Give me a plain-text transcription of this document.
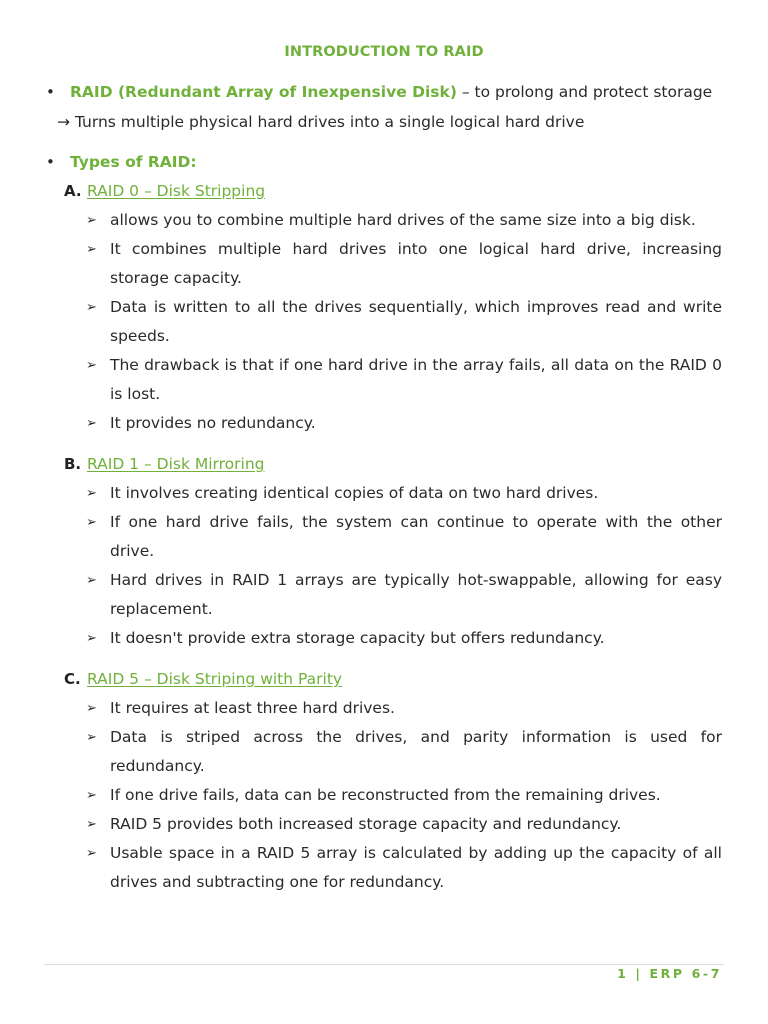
INTRODUCTION TO RAID
• RAID (Redundant Array of Inexpensive Disk) – to prolong and protect storage
→ Turns multiple physical hard drives into a single logical hard drive
• Types of RAID:
A. RAID 0 – Disk Stripping
➢ allows you to combine multiple hard drives of the same size into a big disk.
➢ It combines multiple hard drives into one logical hard drive, increasing storage capacity.
➢ Data is written to all the drives sequentially, which improves read and write speeds.
➢ The drawback is that if one hard drive in the array fails, all data on the RAID 0 is lost.
➢ It provides no redundancy.
B. RAID 1 – Disk Mirroring
➢ It involves creating identical copies of data on two hard drives.
➢ If one hard drive fails, the system can continue to operate with the other drive.
➢ Hard drives in RAID 1 arrays are typically hot-swappable, allowing for easy replacement.
➢ It doesn't provide extra storage capacity but offers redundancy.
C. RAID 5 – Disk Striping with Parity
➢ It requires at least three hard drives.
➢ Data is striped across the drives, and parity information is used for redundancy.
➢ If one drive fails, data can be reconstructed from the remaining drives.
➢ RAID 5 provides both increased storage capacity and redundancy.
➢ Usable space in a RAID 5 array is calculated by adding up the capacity of all drives and subtracting one for redundancy.
1 | ERP 6-7
